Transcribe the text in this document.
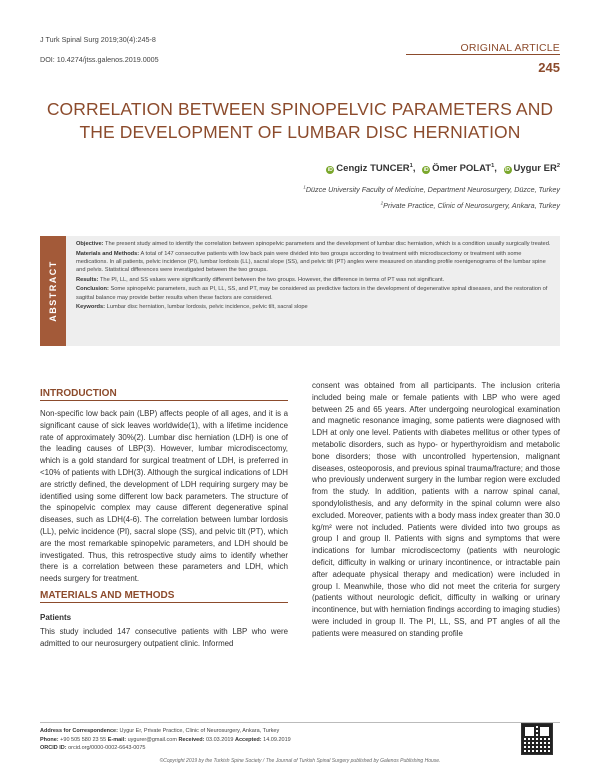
J Turk Spinal Surg 2019;30(4):245-8
DOI: 10.4274/jtss.galenos.2019.0005
ORIGINAL ARTICLE
245
CORRELATION BETWEEN SPINOPELVIC PARAMETERS AND
THE DEVELOPMENT OF LUMBAR DISC HERNIATION
iD Cengiz TUNCER$^1$, iD Ömer POLAT$^1$, iD Uygur $ER^2$
$^1$Düzce University Faculty of Medicine, Department Neurosurgery, Düzce, Turkey
$^2$Private Practice, Clinic of Neurosurgery, Ankara, Turkey
ABSTRACT

Objective: The present study aimed to identify the correlation between spinopelvic parameters and the development of lumbar disc herniation, which is a condition usually surgically treated.

Materials and Methods: A total of 147 consecutive patients with low back pain were divided into two groups according to treatment with microdiscectomy or treatment with some medications. In all patients, pelvic incidence (PI), lumbar lordosis (LL), sacral slope (SS), and pelvic tilt (PT) angles were measured on standing profile roentgenograms of the lumbar spine and pelvis. Statistical differences were investigated between the two groups.

Results: The PI, LL, and SS values were significantly different between the two groups. However, the difference in terms of PT was not significant.

Conclusion: Some spinopelvic parameters, such as PI, LL, SS, and PT, may be considered as predictive factors in the development of degenerative spinal diseases, and the restoration of sagittal balance may provide better results when these factors are considered.

Keywords: Lumbar disc herniation, lumbar lordosis, pelvic incidence, pelvic tilt, sacral slope

INTRODUCTION
Non-specific low back pain (LBP) affects people of all ages, and it is a significant cause of sick leaves worldwide(1), with a lifetime incidence rate of approximately 30%(2). Lumbar disc herniation (LDH) is one of the leading causes of LBP(3). However, lumbar microdiscectomy, which is a gold standard for surgical treatment of LDH, is preferred in <10% of patients with LDH(3). Although the surgical indications of LDH are strictly defined, the development of LDH requiring surgery may be identified using some different low back parameters. The structure of the spinopelvic complex may cause different degenerative spinal diseases, such as LDH(4-6). The correlation between lumbar lordosis (LL), pelvic incidence (PI), sacral slope (SS), and pelvic tilt (PT), which are the most remarkable spinopelvic parameters, and LDH should be investigated. Thus, this retrospective study aims to identify whether there is a correlation between these parameters and LDH, which needs surgery for treatment.
MATERIALS AND METHODS
Patients
This study included 147 consecutive patients with LBP who were admitted to our neurosurgery outpatient clinic. Informed
consent was obtained from all participants. The inclusion criteria included being male or female patients with LBP who were aged between 25 and 65 years. After undergoing neurological examination and magnetic resonance imaging, some patients were diagnosed with LDH at only one level. Patients with diabetes mellitus or other types of metabolic disorders, such as hypo- or hyperthyroidism and metabolic bone disorders; those with uncontrolled hypertension, malignant diseases, osteoporosis, and previous spinal trauma/fracture; and those who previously underwent surgery in the lumbar region were excluded from the study. In addition, patients with a narrow spinal canal, spondylolisthesis, and any deformity in the spinal column were also excluded. Moreover, patients with a body mass index greater than 30.0 kg/m² were not included. Patients were divided into two groups as group I and group II. Patients with signs and symptoms that were indications for lumbar microdiscectomy (patients with neurologic deficit, difficulty in walking or urinary incontinence, or intractable pain after adequate physical therapy and medication) were included in group I. Meanwhile, those who did not meet the criteria for surgery (patients without neurologic deficit, difficulty in walking or urinary incontinence, but with herniation findings according to imaging studies) were included in group II. The PI, LL, SS, and PT angles of all the patients were measured on standing profile
Address for Correspondence: Uygur Er, Private Practice, Clinic of Neurosurgery, Ankara, Turkey
Phone: +90 505 580 23 55 E-mail: uygurer@gmail.com Received: 03.03.2019 Accepted: 14.09.2019
ORCID ID: orcid.org/0000-0002-6643-0075
©Copyright 2019 by the Turkish Spine Society / The Journal of Turkish Spinal Surgery published by Galenos Publishing House.
